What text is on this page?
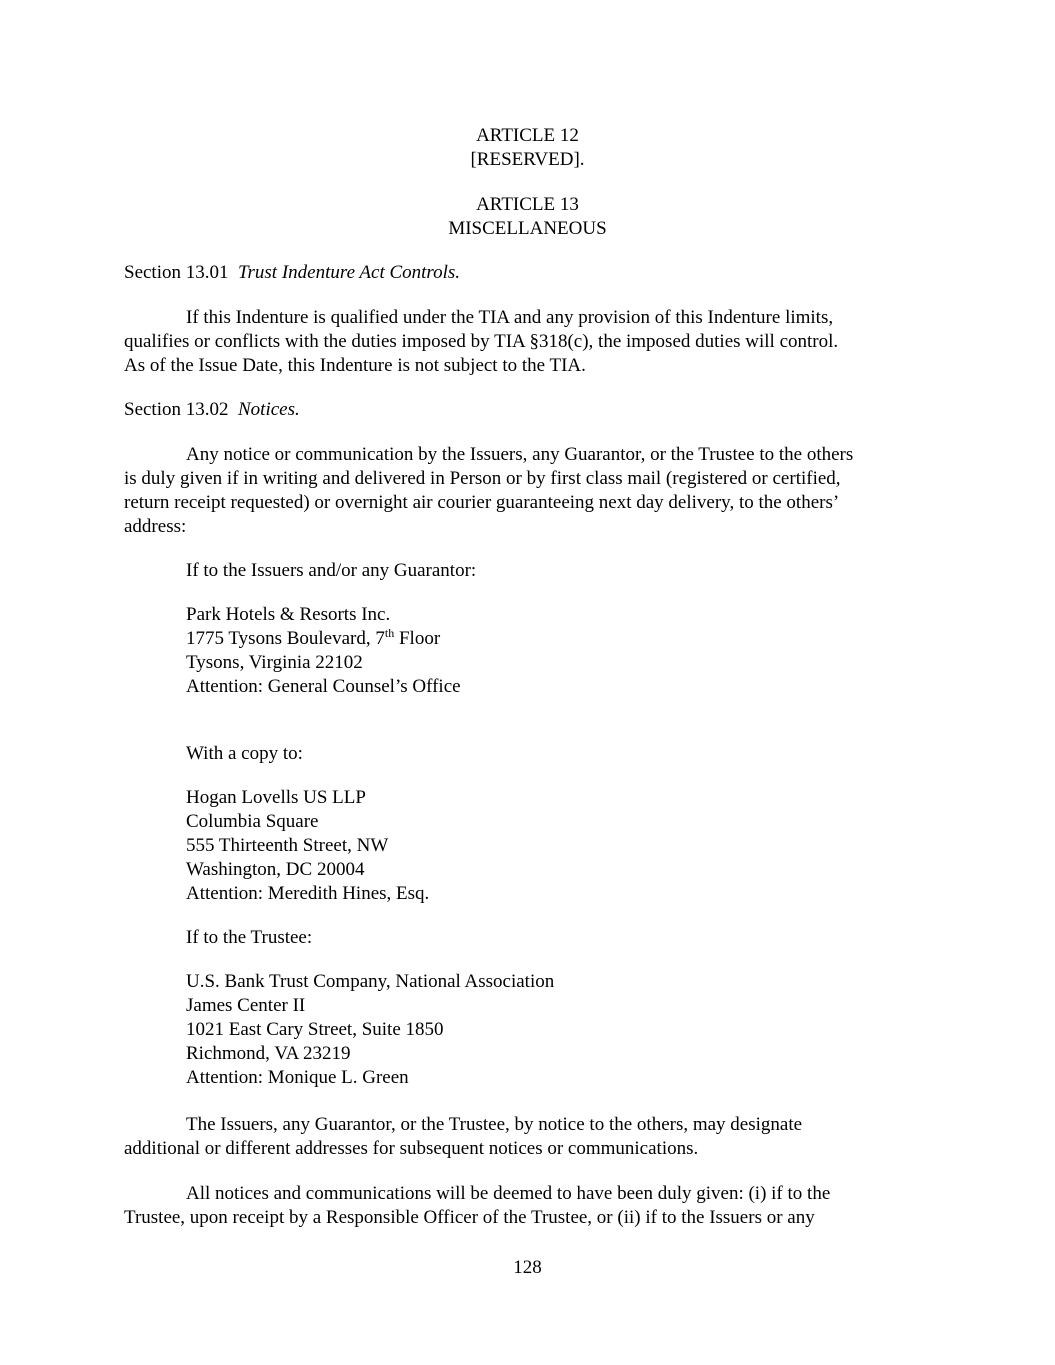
ARTICLE 12
[RESERVED].
ARTICLE 13
MISCELLANEOUS
Section 13.01 Trust Indenture Act Controls.
If this Indenture is qualified under the TIA and any provision of this Indenture limits,
qualifies or conflicts with the duties imposed by TIA §318(c), the imposed duties will control.
As of the Issue Date, this Indenture is not subject to the TIA.
Section 13.02 Notices.
Any notice or communication by the Issuers, any Guarantor, or the Trustee to the others
is duly given if in writing and delivered in Person or by first class mail (registered or certified,
return receipt requested) or overnight air courier guaranteeing next day delivery, to the others’
address:
If to the Issuers and/or any Guarantor:
Park Hotels & Resorts Inc.
1775 Tysons Boulevard, 7th Floor
Tysons, Virginia 22102
Attention: General Counsel’s Office
With a copy to:
Hogan Lovells US LLP
Columbia Square
555 Thirteenth Street, NW
Washington, DC 20004
Attention: Meredith Hines, Esq.
If to the Trustee:
U.S. Bank Trust Company, National Association
James Center II
1021 East Cary Street, Suite 1850
Richmond, VA 23219
Attention: Monique L. Green
The Issuers, any Guarantor, or the Trustee, by notice to the others, may designate
additional or different addresses for subsequent notices or communications.
All notices and communications will be deemed to have been duly given: (i) if to the
Trustee, upon receipt by a Responsible Officer of the Trustee, or (ii) if to the Issuers or any
128
